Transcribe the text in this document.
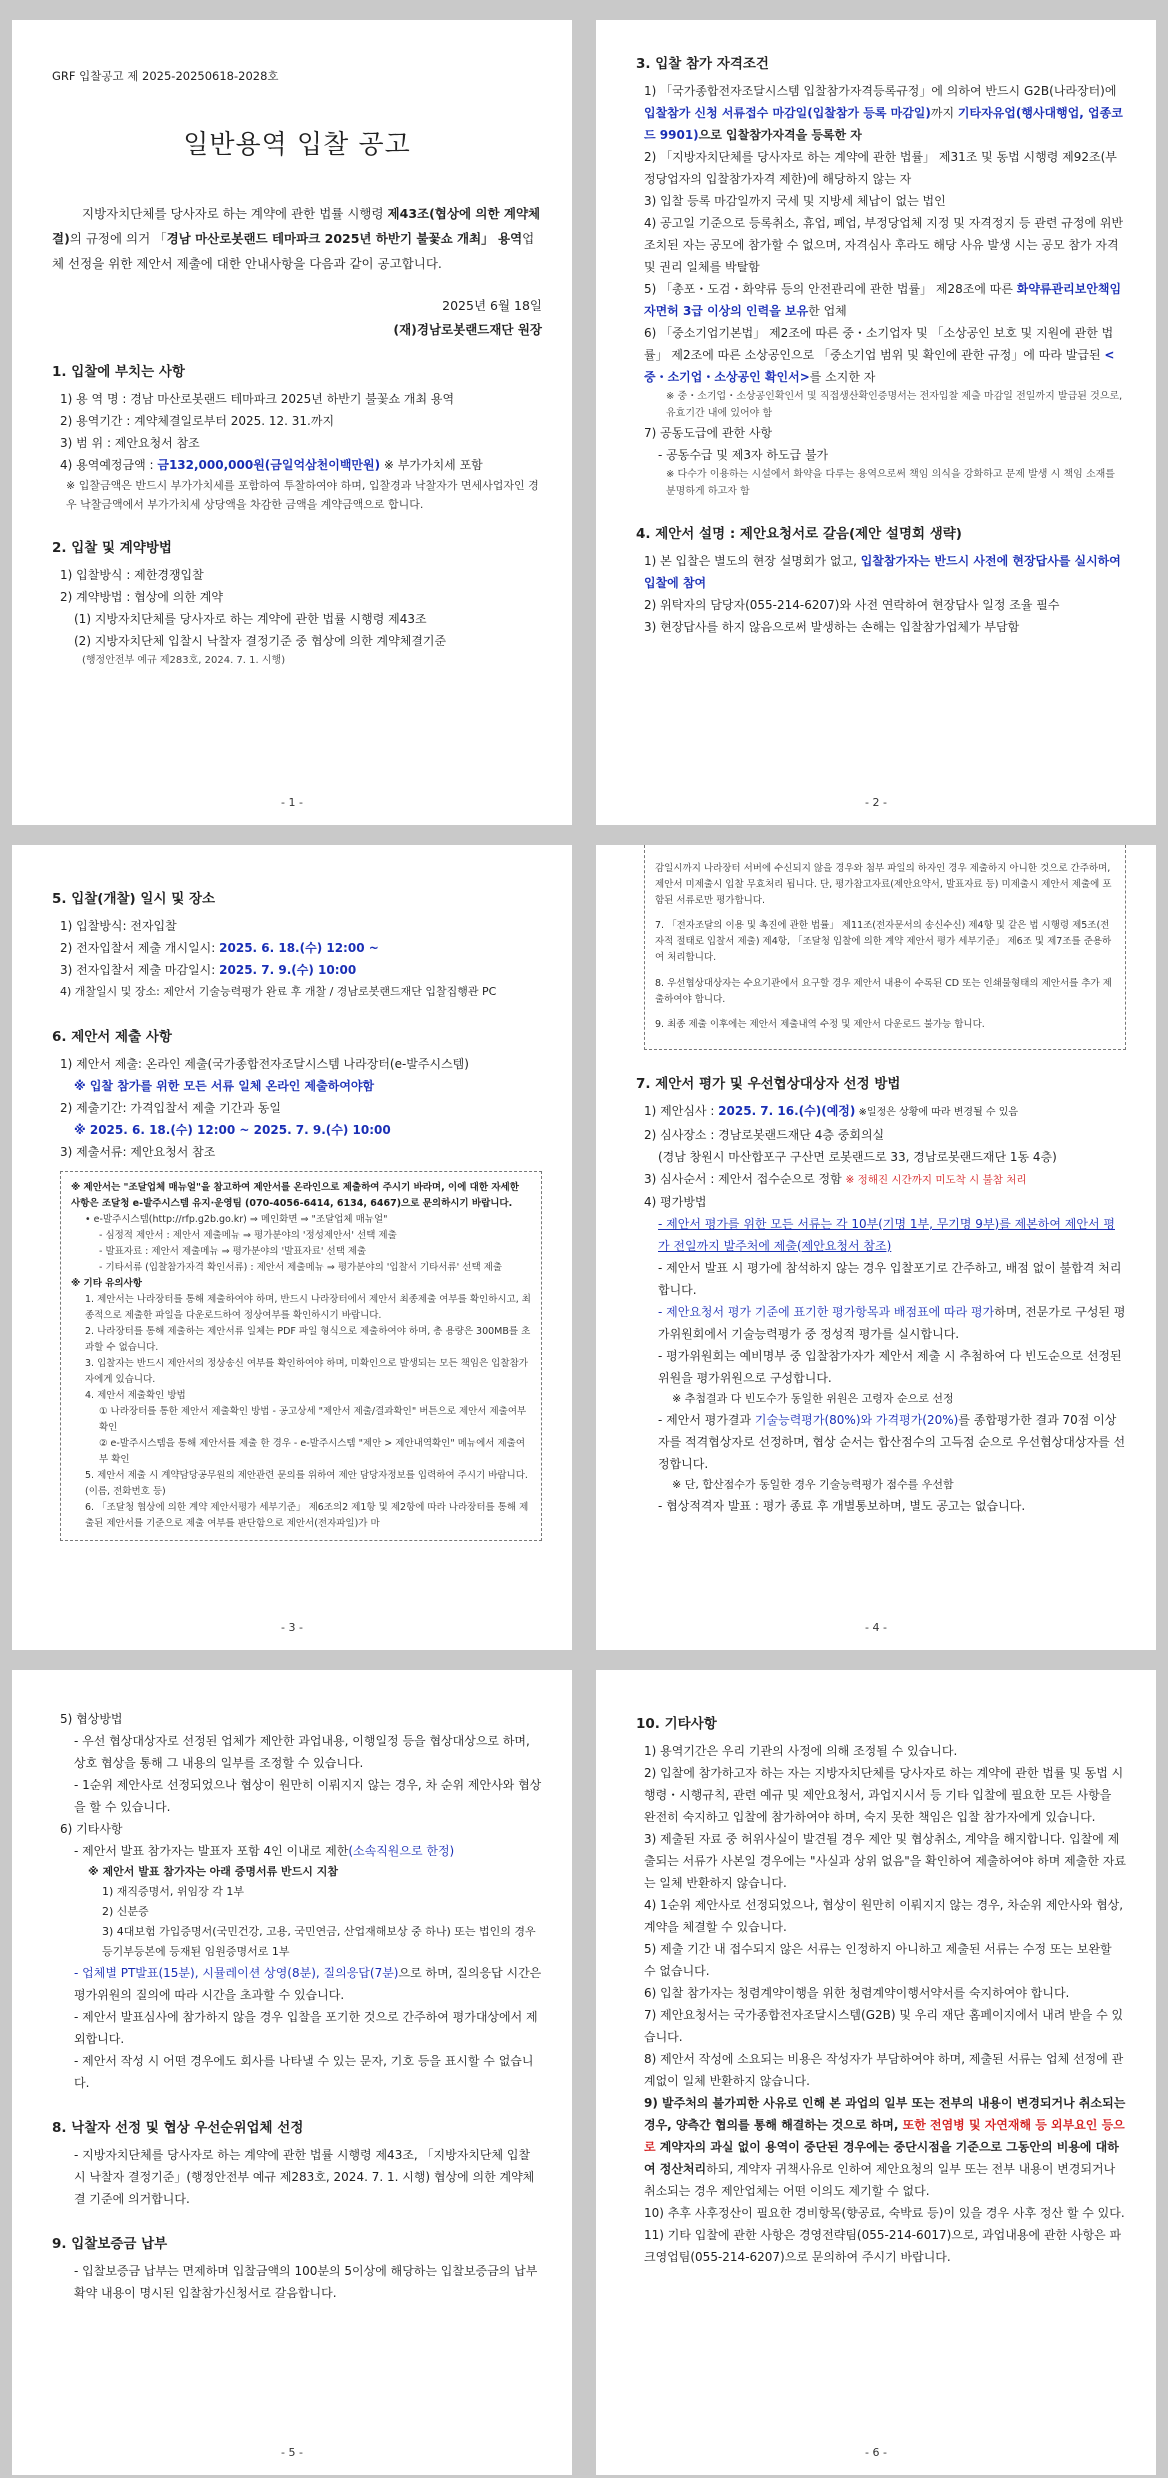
GRF 입찰공고 제 2025-20250618-2028호
일반용역 입찰 공고

지방자치단체를 당사자로 하는 계약에 관한 법률 시행령 제43조(협상에 의한 계약체결)의 규정에 의거 「경남 마산로봇랜드 테마파크 2025년 하반기 불꽃쇼 개최」 용역업체 선정을 위한 제안서 제출에 대한 안내사항을 다음과 같이 공고합니다.

2025년 6월 18일
(재)경남로봇랜드재단 원장
1. 입찰에 부치는 사항

1) 용 역 명 : 경남 마산로봇랜드 테마파크 2025년 하반기 불꽃쇼 개최 용역

2) 용역기간 : 계약체결일로부터 2025. 12. 31.까지

3) 범 위 : 제안요청서 참조

4) 용역예정금액 : 금132,000,000원(금일억삼천이백만원) ※ 부가가치세 포함

※ 입찰금액은 반드시 부가가치세를 포함하여 투찰하여야 하며, 입찰경과 낙찰자가 면세사업자인 경우 낙찰금액에서 부가가치세 상당액을 차감한 금액을 계약금액으로 합니다.

2. 입찰 및 계약방법

1) 입찰방식 : 제한경쟁입찰

2) 계약방법 : 협상에 의한 계약

(1) 지방자치단체를 당사자로 하는 계약에 관한 법률 시행령 제43조

(2) 지방자치단체 입찰시 낙찰자 결정기준 중 협상에 의한 계약체결기준

(행정안전부 예규 제283호, 2024. 7. 1. 시행)

- 1 -
3. 입찰 참가 자격조건

1) 「국가종합전자조달시스템 입찰참가자격등록규정」에 의하여 반드시 G2B(나라장터)에 입찰참가 신청 서류접수 마감일(입찰참가 등록 마감일)까지 기타자유업(행사대행업, 업종코드 9901)으로 입찰참가자격을 등록한 자

2) 「지방자치단체를 당사자로 하는 계약에 관한 법률」 제31조 및 동법 시행령 제92조(부정당업자의 입찰참가자격 제한)에 해당하지 않는 자

3) 입찰 등록 마감일까지 국세 및 지방세 체납이 없는 법인

4) 공고일 기준으로 등록취소, 휴업, 폐업, 부정당업체 지정 및 자격정지 등 관련 규정에 위반 조치된 자는 공모에 참가할 수 없으며, 자격심사 후라도 해당 사유 발생 시는 공모 참가 자격 및 권리 일체를 박탈함

5) 「총포・도검・화약류 등의 안전관리에 관한 법률」 제28조에 따른 화약류관리보안책임자면허 3급 이상의 인력을 보유한 업체

6) 「중소기업기본법」 제2조에 따른 중・소기업자 및 「소상공인 보호 및 지원에 관한 법률」 제2조에 따른 소상공인으로 「중소기업 범위 및 확인에 관한 규정」에 따라 발급된 <중・소기업・소상공인 확인서>를 소지한 자

※ 중・소기업・소상공인확인서 및 직접생산확인증명서는 전자입찰 제출 마감일 전일까지 발급된 것으로, 유효기간 내에 있어야 함

7) 공동도급에 관한 사항

- 공동수급 및 제3자 하도급 불가

※ 다수가 이용하는 시설에서 화약을 다루는 용역으로써 책임 의식을 강화하고 문제 발생 시 책임 소재를 분명하게 하고자 함

4. 제안서 설명 : 제안요청서로 갈음(제안 설명회 생략)

1) 본 입찰은 별도의 현장 설명회가 없고, 입찰참가자는 반드시 사전에 현장답사를 실시하여 입찰에 참여

2) 위탁자의 담당자(055-214-6207)와 사전 연락하여 현장답사 일정 조율 필수

3) 현장답사를 하지 않음으로써 발생하는 손해는 입찰참가업체가 부담함

- 2 -
5. 입찰(개찰) 일시 및 장소

1) 입찰방식: 전자입찰

2) 전자입찰서 제출 개시일시: 2025. 6. 18.(수) 12:00 ~

3) 전자입찰서 제출 마감일시: 2025. 7. 9.(수) 10:00

4) 개찰일시 및 장소: 제안서 기술능력평가 완료 후 개찰 / 경남로봇랜드재단 입찰집행관 PC

6. 제안서 제출 사항

1) 제안서 제출: 온라인 제출(국가종합전자조달시스템 나라장터(e-발주시스템)

※ 입찰 참가를 위한 모든 서류 일체 온라인 제출하여야함

2) 제출기간: 가격입찰서 제출 기간과 동일

※ 2025. 6. 18.(수) 12:00 ~ 2025. 7. 9.(수) 10:00

3) 제출서류: 제안요청서 참조

※ 제안서는 "조달업체 매뉴얼"을 참고하여 제안서를 온라인으로 제출하여 주시기 바라며, 이에 대한 자세한 사항은 조달청 e-발주시스템 유지·운영팀 (070-4056-6414, 6134, 6467)으로 문의하시기 바랍니다.

• e-발주시스템(http://rfp.g2b.go.kr) ⇒ 메인화면 ⇒ "조달업체 매뉴얼"

- 심정적 제안서 : 제안서 제출메뉴 ⇒ 평가분야의 '정성제안서' 선택 제출

- 발표자료 : 제안서 제출메뉴 ⇒ 평가분야의 '발표자료' 선택 제출

- 기타서류 (입찰참가자격 확인서류) : 제안서 제출메뉴 ⇒ 평가분야의 '입찰서 기타서류' 선택 제출

※ 기타 유의사항

1. 제안서는 나라장터를 통해 제출하여야 하며, 반드시 나라장터에서 제안서 최종제출 여부를 확인하시고, 최종적으로 제출한 파일을 다운로드하여 정상여부를 확인하시기 바랍니다.

2. 나라장터를 통해 제출하는 제안서류 일체는 PDF 파일 형식으로 제출하여야 하며, 총 용량은 300MB를 초과할 수 없습니다.

3. 입찰자는 반드시 제안서의 정상송신 여부를 확인하여야 하며, 미확인으로 발생되는 모든 책임은 입찰참가자에게 있습니다.

4. 제안서 제출확인 방법

① 나라장터를 통한 제안서 제출확인 방법 - 공고상세 "제안서 제출/결과확인" 버튼으로 제안서 제출여부 확인

② e-발주시스템을 통해 제안서를 제출 한 경우 - e-발주시스템 "제안 > 제안내역확인" 메뉴에서 제출여부 확인

5. 제안서 제출 시 계약담당공무원의 제안관련 문의를 위하여 제안 담당자정보를 입력하여 주시기 바랍니다.(이름, 전화번호 등)

6. 「조달청 협상에 의한 계약 제안서평가 세부기준」 제6조의2 제1항 및 제2항에 따라 나라장터를 통해 제출된 제안서를 기준으로 제출 여부를 판단함으로 제안서(전자파일)가 마

- 3 -

감일시까지 나라장터 서버에 수신되지 않을 경우와 첨부 파일의 하자인 경우 제출하지 아니한 것으로 간주하며, 제안서 미제출시 입찰 무효처리 됩니다. 단, 평가참고자료(제안요약서, 발표자료 등) 미제출시 제안서 제출에 포함된 서류로만 평가합니다.

7. 「전자조달의 이용 및 촉진에 관한 법률」 제11조(전자문서의 송신수신) 제4항 및 같은 법 시행령 제5조(전자적 절태로 입찰서 제출) 제4항, 「조달청 입찰에 의한 계약 제안서 평가 세부기준」 제6조 및 제7조를 준용하여 처리합니다.

8. 우선협상대상자는 수요기관에서 요구할 경우 제안서 내용이 수록된 CD 또는 인쇄물형태의 제안서를 추가 제출하여야 합니다.

9. 최종 제출 이후에는 제안서 제출내역 수정 및 제안서 다운로드 불가능 합니다.

7. 제안서 평가 및 우선협상대상자 선정 방법

1) 제안심사 : 2025. 7. 16.(수)(예정) ※일정은 상황에 따라 변경될 수 있음

2) 심사장소 : 경남로봇랜드재단 4층 중회의실

(경남 창원시 마산합포구 구산면 로봇랜드로 33, 경남로봇랜드재단 1동 4층)

3) 심사순서 : 제안서 접수순으로 정함 ※ 정해진 시간까지 미도착 시 불참 처리

4) 평가방법

- 제안서 평가를 위한 모든 서류는 각 10부(기명 1부, 무기명 9부)를 제본하여 제안서 평가 전일까지 발주처에 제출(제안요청서 참조)

- 제안서 발표 시 평가에 참석하지 않는 경우 입찰포기로 간주하고, 배점 없이 불합격 처리합니다.

- 제안요청서 평가 기준에 표기한 평가항목과 배점표에 따라 평가하며, 전문가로 구성된 평가위원회에서 기술능력평가 중 정성적 평가를 실시합니다.

- 평가위원회는 예비명부 중 입찰참가자가 제안서 제출 시 추첨하여 다 빈도순으로 선정된 위원을 평가위원으로 구성합니다.

※ 추첨결과 다 빈도수가 동일한 위원은 고령자 순으로 선정

- 제안서 평가결과 기술능력평가(80%)와 가격평가(20%)를 종합평가한 결과 70점 이상자를 적격협상자로 선정하며, 협상 순서는 합산점수의 고득점 순으로 우선협상대상자를 선정합니다.

※ 단, 합산점수가 동일한 경우 기술능력평가 점수를 우선함

- 협상적격자 발표 : 평가 종료 후 개별통보하며, 별도 공고는 없습니다.

- 4 -

5) 협상방법

- 우선 협상대상자로 선정된 업체가 제안한 과업내용, 이행일정 등을 협상대상으로 하며, 상호 협상을 통해 그 내용의 일부를 조정할 수 있습니다.

- 1순위 제안사로 선정되었으나 협상이 원만히 이뤄지지 않는 경우, 차 순위 제안사와 협상을 할 수 있습니다.

6) 기타사항

- 제안서 발표 참가자는 발표자 포함 4인 이내로 제한(소속직원으로 한정)

※ 제안서 발표 참가자는 아래 증명서류 반드시 지참

1) 재직증명서, 위임장 각 1부

2) 신분증

3) 4대보험 가입증명서(국민건강, 고용, 국민연금, 산업재해보상 중 하나) 또는 법인의 경우 등기부등본에 등재된 임원증명서로 1부

- 업체별 PT발표(15분), 시뮬레이션 상영(8분), 질의응답(7분)으로 하며, 질의응답 시간은 평가위원의 질의에 따라 시간을 초과할 수 있습니다.

- 제안서 발표심사에 참가하지 않을 경우 입찰을 포기한 것으로 간주하여 평가대상에서 제외합니다.

- 제안서 작성 시 어떤 경우에도 회사를 나타낼 수 있는 문자, 기호 등을 표시할 수 없습니다.

8. 낙찰자 선정 및 협상 우선순위업체 선정

- 지방자치단체를 당사자로 하는 계약에 관한 법률 시행령 제43조, 「지방자치단체 입찰 시 낙찰자 결정기준」(행정안전부 예규 제283호, 2024. 7. 1. 시행) 협상에 의한 계약체결 기준에 의거합니다.

9. 입찰보증금 납부

- 입찰보증금 납부는 면제하며 입찰금액의 100분의 5이상에 해당하는 입찰보증금의 납부확약 내용이 명시된 입찰참가신청서로 갈음합니다.

- 5 -
10. 기타사항

1) 용역기간은 우리 기관의 사정에 의해 조정될 수 있습니다.

2) 입찰에 참가하고자 하는 자는 지방자치단체를 당사자로 하는 계약에 관한 법률 및 동법 시행령・시행규칙, 관련 예규 및 제안요청서, 과업지시서 등 기타 입찰에 필요한 모든 사항을 완전히 숙지하고 입찰에 참가하여야 하며, 숙지 못한 책임은 입찰 참가자에게 있습니다.

3) 제출된 자료 중 허위사실이 발견될 경우 제안 및 협상취소, 계약을 해지합니다. 입찰에 제출되는 서류가 사본일 경우에는 "사실과 상위 없음"을 확인하여 제출하여야 하며 제출한 자료는 일체 반환하지 않습니다.

4) 1순위 제안사로 선정되었으나, 협상이 원만히 이뤄지지 않는 경우, 차순위 제안사와 협상, 계약을 체결할 수 있습니다.

5) 제출 기간 내 접수되지 않은 서류는 인정하지 아니하고 제출된 서류는 수정 또는 보완할 수 없습니다.

6) 입찰 참가자는 청렴계약이행을 위한 청렴계약이행서약서를 숙지하여야 합니다.

7) 제안요청서는 국가종합전자조달시스템(G2B) 및 우리 재단 홈페이지에서 내려 받을 수 있습니다.

8) 제안서 작성에 소요되는 비용은 작성자가 부담하여야 하며, 제출된 서류는 업체 선정에 관계없이 일체 반환하지 않습니다.

9) 발주처의 불가피한 사유로 인해 본 과업의 일부 또는 전부의 내용이 변경되거나 취소되는 경우, 양측간 협의를 통해 해결하는 것으로 하며, 또한 전염병 및 자연재해 등 외부요인 등으로 계약자의 과실 없이 용역이 중단된 경우에는 중단시점을 기준으로 그동안의 비용에 대하여 정산처리하되, 계약자 귀책사유로 인하여 제안요청의 일부 또는 전부 내용이 변경되거나 취소되는 경우 제안업체는 어떤 이의도 제기할 수 없다.

10) 추후 사후정산이 필요한 경비항목(향공료, 숙박료 등)이 있을 경우 사후 정산 할 수 있다.

11) 기타 입찰에 관한 사항은 경영전략팀(055-214-6017)으로, 과업내용에 관한 사항은 파크영업팀(055-214-6207)으로 문의하여 주시기 바랍니다.

- 6 -
